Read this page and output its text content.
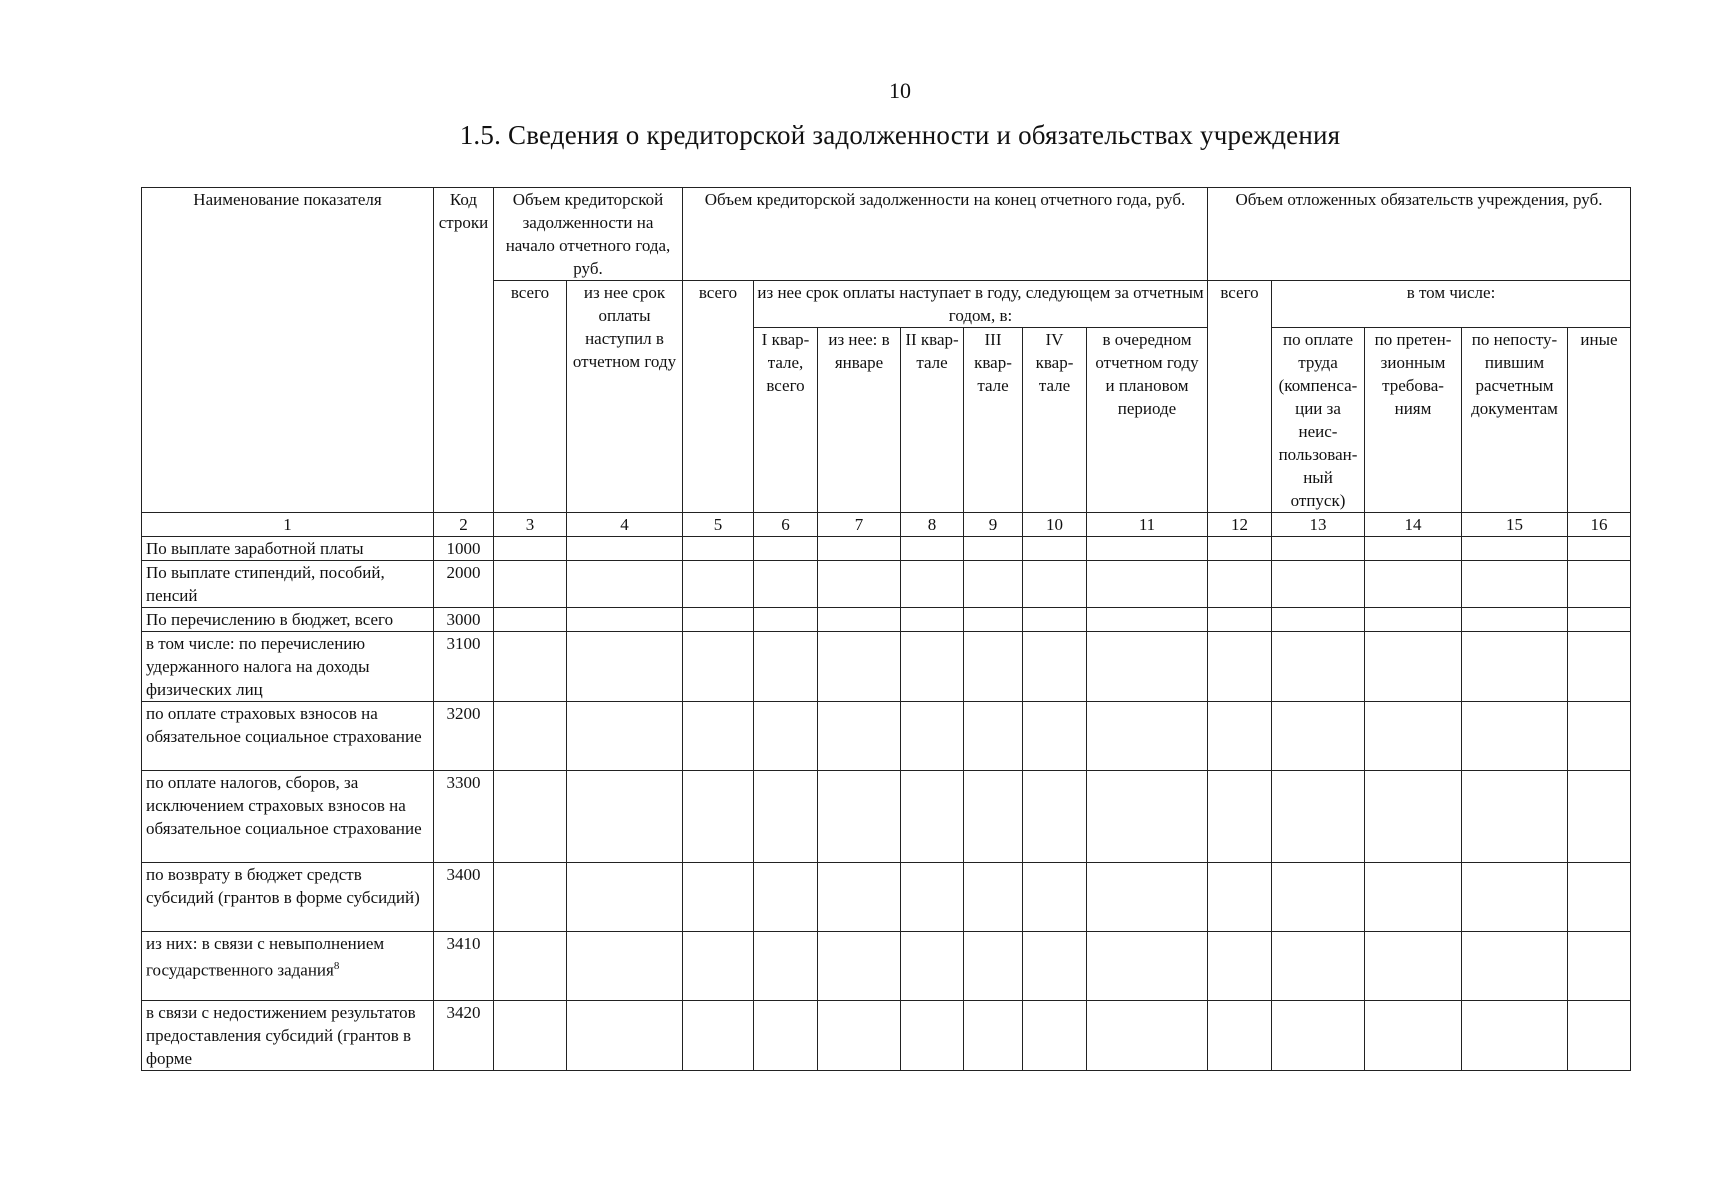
10
1.5. Сведения о кредиторской задолженности и обязательствах учреждения
Наименование показателя	Код строки	Объем кредиторской задолженности на начало отчетного года, руб.		Объем кредиторской задолженности на конец отчетного года, руб.							Объем отложенных обязательств учреждения, руб.				
		всего	из нее срок оплаты наступил в отчетном году	всего	из нее срок оплаты наступает в году, следующем за отчетным годом, в:						всего	в том числе:			
					I квар-тале, всего	из нее: в январе	II квар-тале	III квар-тале	IV квар-тале	в очередном отчетном году и плановом периоде		по оплате труда (компенса-ции за неис-пользован-ный отпуск)	по претен-зионным требова-ниям	по непосту-пившим расчетным документам	иные
1	2	3	4	5	6	7	8	9	10	11	12	13	14	15	16
По выплате заработной платы	1000														
По выплате стипендий, пособий, пенсий	2000														
По перечислению в бюджет, всего	3000														
в том числе: по перечислению удержанного налога на доходы физических лиц	3100														
по оплате страховых взносов на обязательное социальное страхование	3200														
по оплате налогов, сборов, за исключением страховых взносов на обязательное социальное страхование	3300														
по возврату в бюджет средств субсидий (грантов в форме субсидий)	3400														
из них: в связи с невыполнением государственного задания$^8$	3410														
в связи с недостижением результатов предоставления субсидий (грантов в форме	3420														
